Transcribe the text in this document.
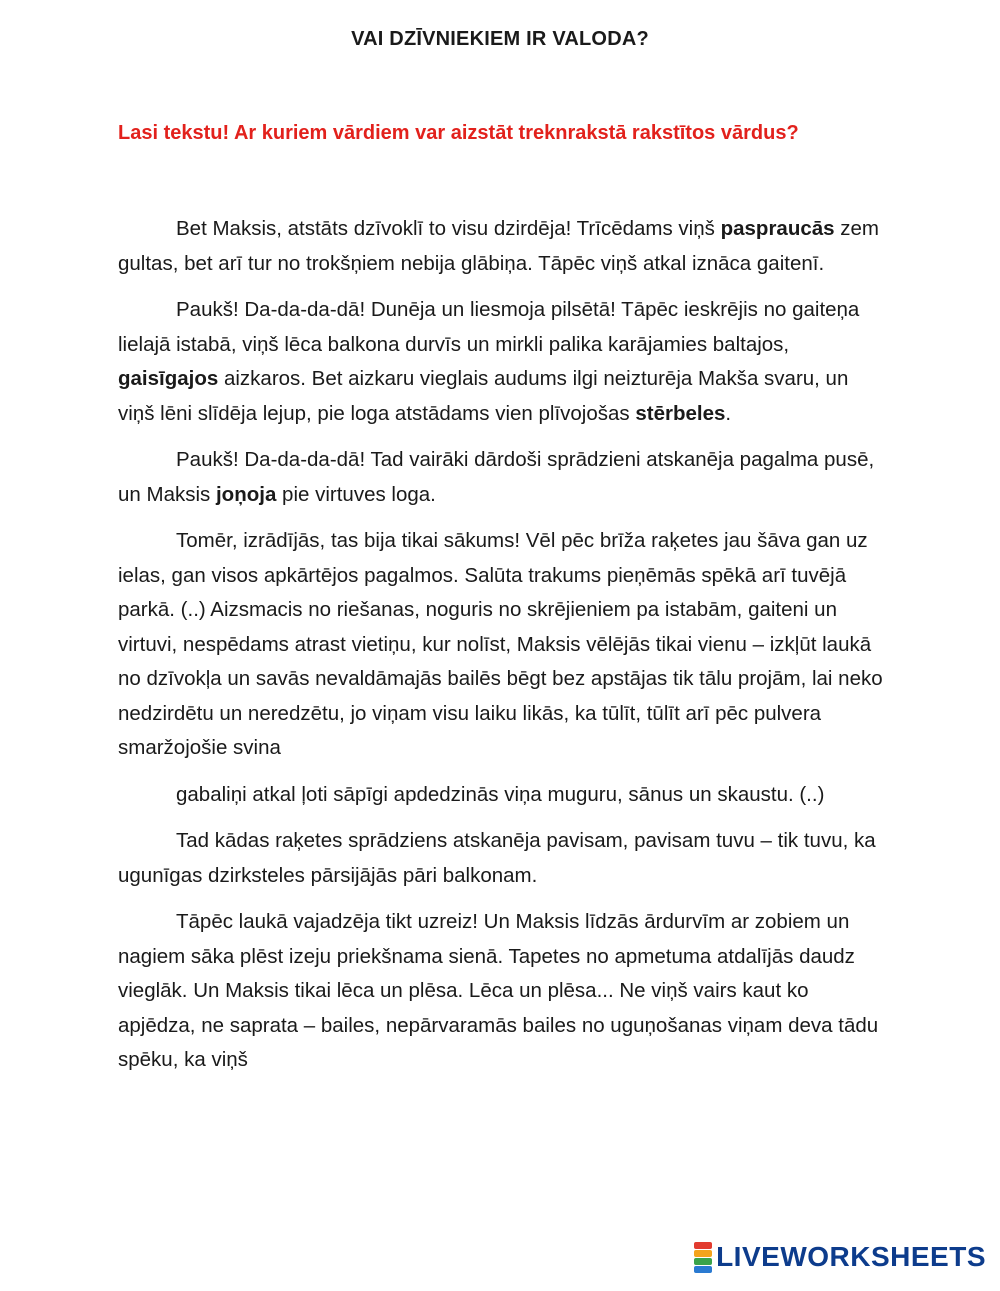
VAI DZĪVNIEKIEM IR VALODA?
Lasi tekstu! Ar kuriem vārdiem var aizstāt treknrakstā rakstītos vārdus?

Bet Maksis, atstāts dzīvoklī to visu dzirdēja! Trīcēdams viņš paspraucās zem gultas, bet arī tur no trokšņiem nebija glābiņa. Tāpēc viņš atkal iznāca gaitenī.

Paukš! Da-da-da-dā! Dunēja un liesmoja pilsētā! Tāpēc ieskrējis no gaiteņa lielajā istabā, viņš lēca balkona durvīs un mirkli palika karājamies baltajos, gaisīgajos aizkaros. Bet aizkaru vieglais audums ilgi neizturēja Makša svaru, un viņš lēni slīdēja lejup, pie loga atstādams vien plīvojošas stērbeles.

Paukš! Da-da-da-dā! Tad vairāki dārdoši sprādzieni atskanēja pagalma pusē, un Maksis joņoja pie virtuves loga.

Tomēr, izrādījās, tas bija tikai sākums! Vēl pēc brīža raķetes jau šāva gan uz ielas, gan visos apkārtējos pagalmos. Salūta trakums pieņēmās spēkā arī tuvējā parkā. (..) Aizsmacis no riešanas, noguris no skrējieniem pa istabām, gaiteni un virtuvi, nespēdams atrast vietiņu, kur nolīst, Maksis vēlējās tikai vienu – izkļūt laukā no dzīvokļa un savās nevaldāmajās bailēs bēgt bez apstājas tik tālu projām, lai neko nedzirdētu un neredzētu, jo viņam visu laiku likās, ka tūlīt, tūlīt arī pēc pulvera smaržojošie svina

gabaliņi atkal ļoti sāpīgi apdedzinās viņa muguru, sānus un skaustu. (..)

Tad kādas raķetes sprādziens atskanēja pavisam, pavisam tuvu – tik tuvu, ka ugunīgas dzirksteles pārsijājās pāri balkonam.

Tāpēc laukā vajadzēja tikt uzreiz! Un Maksis līdzās ārdurvīm ar zobiem un nagiem sāka plēst izeju priekšnama sienā. Tapetes no apmetuma atdalījās daudz vieglāk. Un Maksis tikai lēca un plēsa. Lēca un plēsa... Ne viņš vairs kaut ko apjēdza, ne saprata – bailes, nepārvaramās bailes no uguņošanas viņam deva tādu spēku, ka viņš

LIVEWORKSHEETS
